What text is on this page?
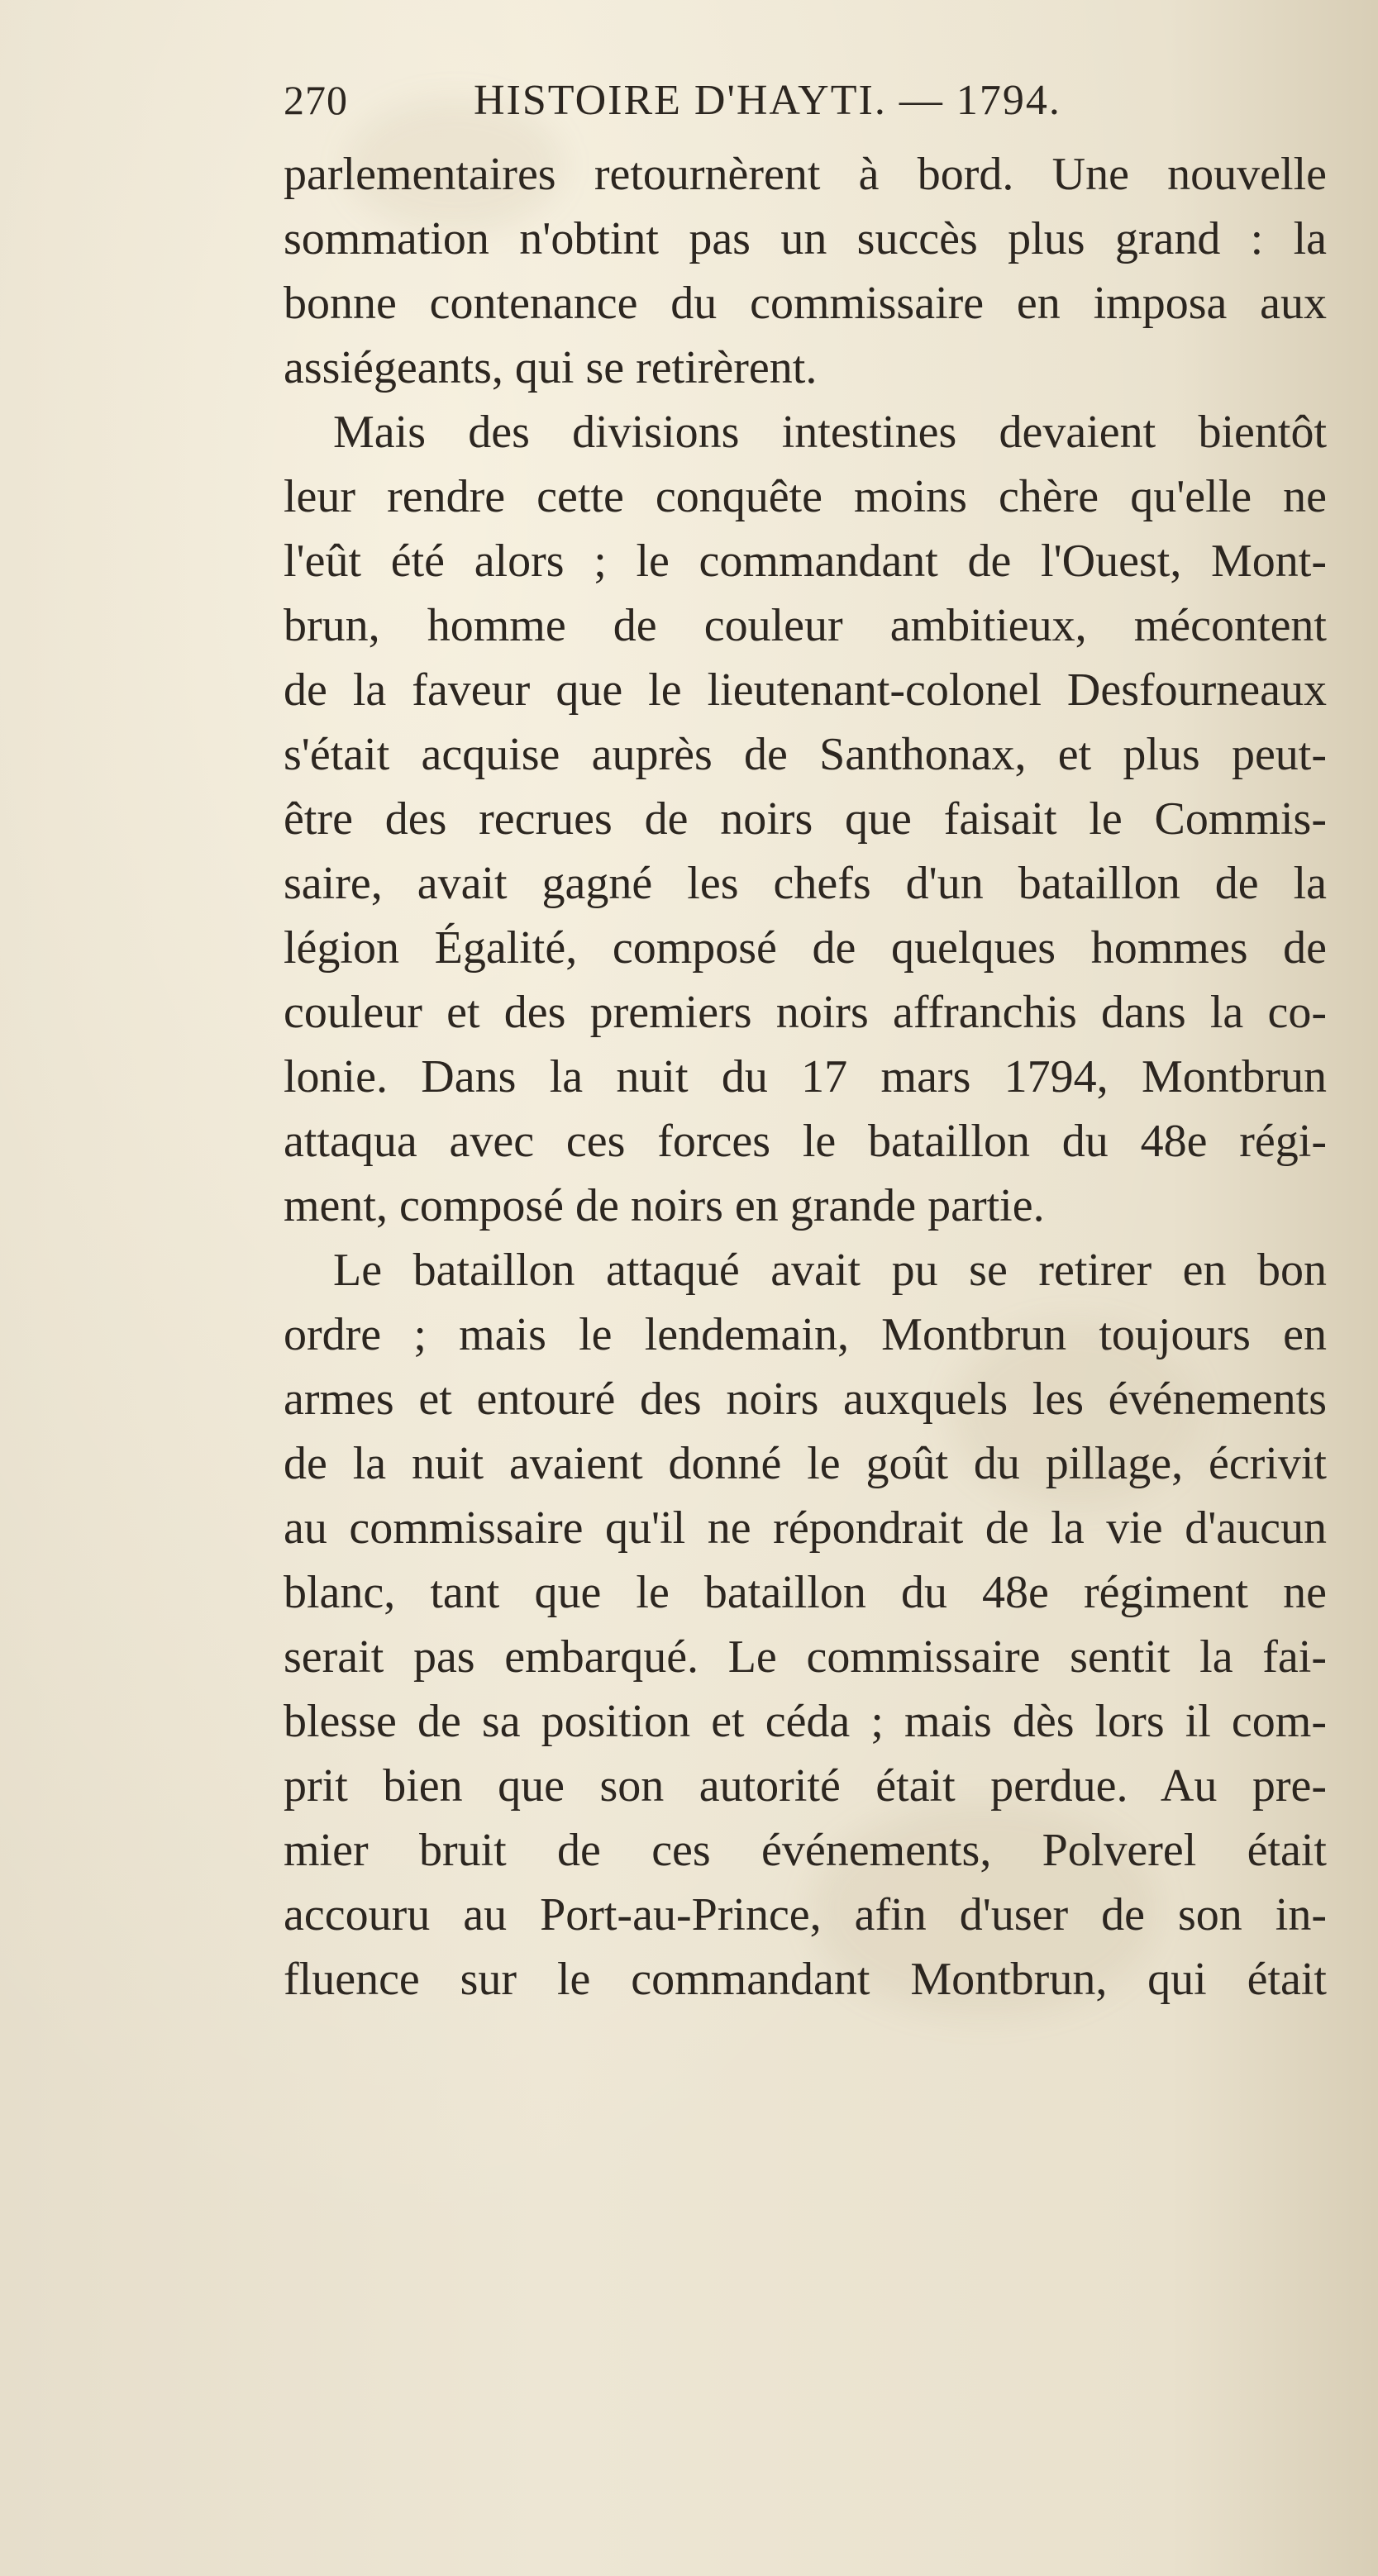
270	HISTOIRE D'HAYTI. — 1794.
parlementaires retournèrent à bord. Une nouvelle
sommation n'obtint pas un succès plus grand : la
bonne contenance du commissaire en imposa aux
assiégeants, qui se retirèrent.
Mais des divisions intestines devaient bientôt
leur rendre cette conquête moins chère qu'elle ne
l'eût été alors ; le commandant de l'Ouest, Mont-
brun, homme de couleur ambitieux, mécontent
de la faveur que le lieutenant-colonel Desfourneaux
s'était acquise auprès de Santhonax, et plus peut-
être des recrues de noirs que faisait le Commis-
saire, avait gagné les chefs d'un bataillon de la
légion Égalité, composé de quelques hommes de
couleur et des premiers noirs affranchis dans la co-
lonie. Dans la nuit du 17 mars 1794, Montbrun
attaqua avec ces forces le bataillon du 48e régi-
ment, composé de noirs en grande partie.
Le bataillon attaqué avait pu se retirer en bon
ordre ; mais le lendemain, Montbrun toujours en
armes et entouré des noirs auxquels les événements
de la nuit avaient donné le goût du pillage, écrivit
au commissaire qu'il ne répondrait de la vie d'aucun
blanc, tant que le bataillon du 48e régiment ne
serait pas embarqué. Le commissaire sentit la fai-
blesse de sa position et céda ; mais dès lors il com-
prit bien que son autorité était perdue. Au pre-
mier bruit de ces événements, Polverel était
accouru au Port-au-Prince, afin d'user de son in-
fluence sur le commandant Montbrun, qui était
